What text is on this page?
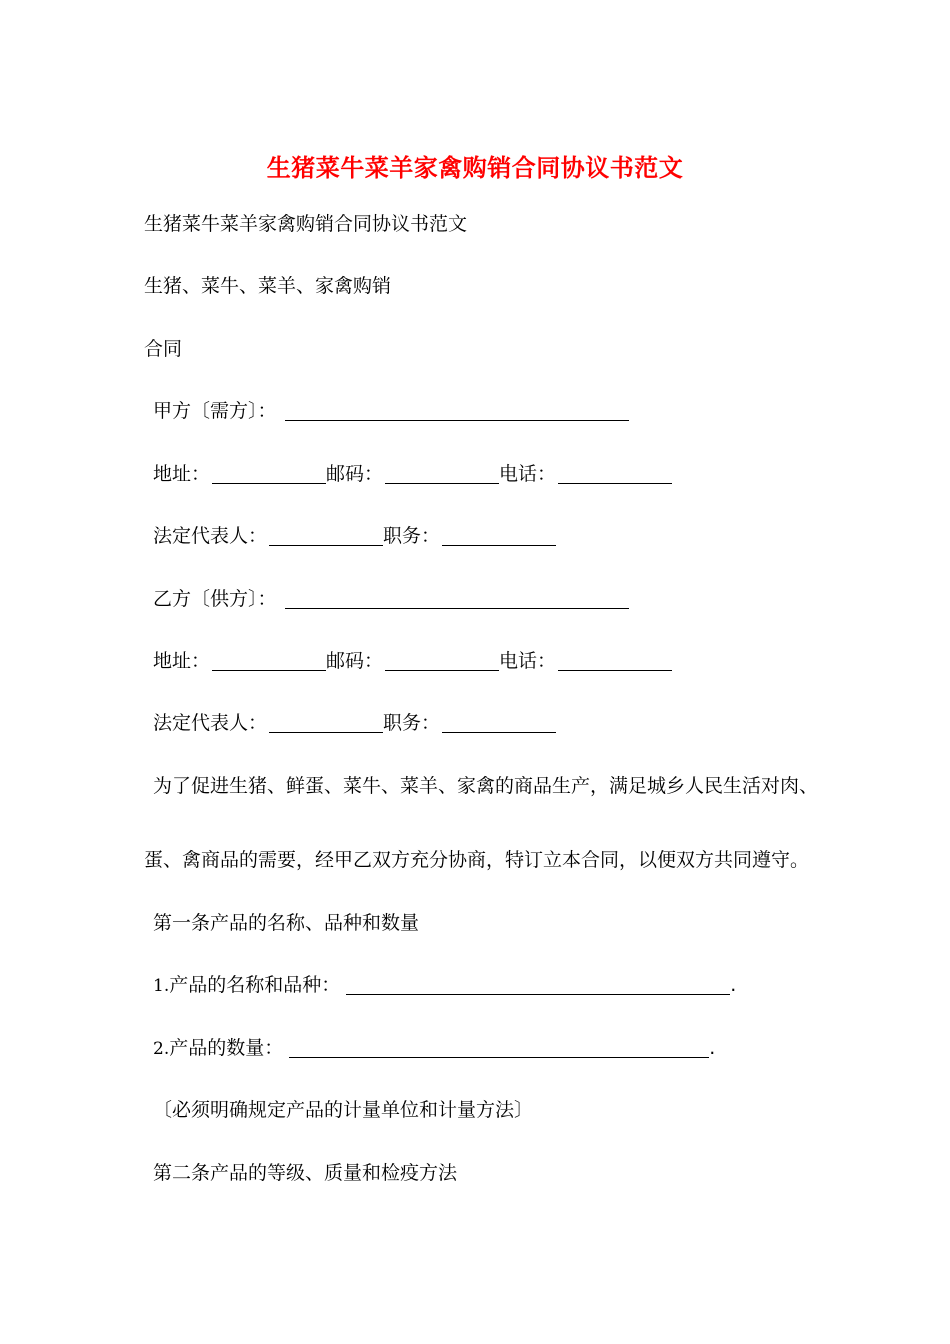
生猪菜牛菜羊家禽购销合同协议书范文
生猪菜牛菜羊家禽购销合同协议书范文
生猪、菜牛、菜羊、家禽购销
合同
甲方〔需方〕：
地址：	邮码：	电话：
法定代表人：	职务：
乙方〔供方〕：
地址：	邮码：	电话：
法定代表人：	职务：
为了促进生猪、鲜蛋、菜牛、菜羊、家禽的商品生产，满足城乡人民生活对肉、
蛋、禽商品的需要，经甲乙双方充分协商，特订立本合同，以便双方共同遵守。
第一条产品的名称、品种和数量
1.产品的名称和品种：	.
2.产品的数量：	.
〔必须明确规定产品的计量单位和计量方法〕
第二条产品的等级、质量和检疫方法
